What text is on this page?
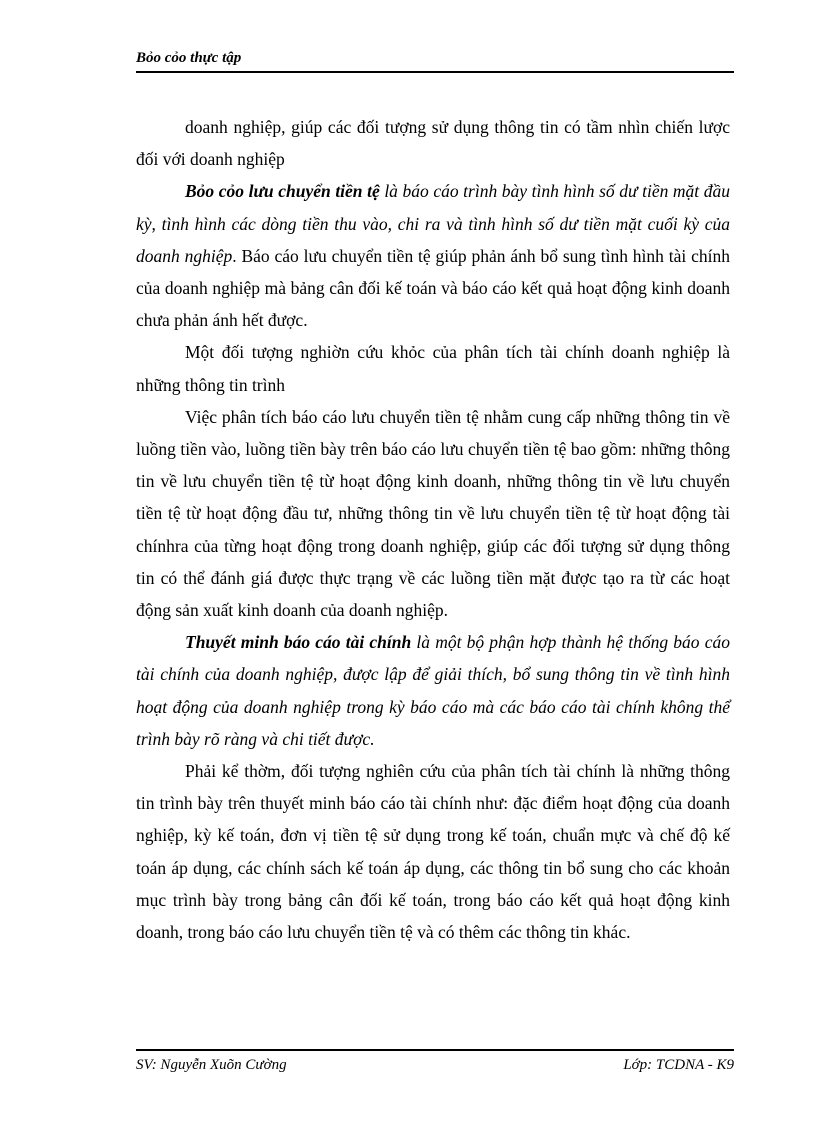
Bỏo cỏo thực tập

doanh nghiệp, giúp các đối tượng sử dụng thông tin có tầm nhìn chiến lược đối với doanh nghiệp

Bỏo cỏo lưu chuyển tiền tệ là báo cáo trình bày tình hình số dư tiền mặt đầu kỳ, tình hình các dòng tiền thu vào, chi ra và tình hình số dư tiền mặt cuối kỳ của doanh nghiệp. Báo cáo lưu chuyển tiền tệ giúp phản ánh bổ sung tình hình tài chính của doanh nghiệp mà bảng cân đối kế toán và báo cáo kết quả hoạt động kinh doanh chưa phản ánh hết được.

Một đối tượng nghiờn cứu khỏc của phân tích tài chính doanh nghiệp là những thông tin trình

Việc phân tích báo cáo lưu chuyển tiền tệ nhằm cung cấp những thông tin về luồng tiền vào, luồng tiền bày trên báo cáo lưu chuyển tiền tệ bao gồm: những thông tin về lưu chuyển tiền tệ từ hoạt động kinh doanh, những thông tin về lưu chuyển tiền tệ từ hoạt động đầu tư, những thông tin về lưu chuyển tiền tệ từ hoạt động tài chínhra của từng hoạt động trong doanh nghiệp, giúp các đối tượng sử dụng thông tin có thể đánh giá được thực trạng về các luồng tiền mặt được tạo ra từ các hoạt động sản xuất kinh doanh của doanh nghiệp.

Thuyết minh báo cáo tài chính là một bộ phận hợp thành hệ thống báo cáo tài chính của doanh nghiệp, được lập để giải thích, bổ sung thông tin về tình hình hoạt động của doanh nghiệp trong kỳ báo cáo mà các báo cáo tài chính không thể trình bày rõ ràng và chi tiết được.

Phải kể thờm, đối tượng nghiên cứu của phân tích tài chính là những thông tin trình bày trên thuyết minh báo cáo tài chính như: đặc điểm hoạt động của doanh nghiệp, kỳ kế toán, đơn vị tiền tệ sử dụng trong kế toán, chuẩn mực và chế độ kế toán áp dụng, các chính sách kế toán áp dụng, các thông tin bổ sung cho các khoản mục trình bày trong bảng cân đối kế toán, trong báo cáo kết quả hoạt động kinh doanh, trong báo cáo lưu chuyển tiền tệ và có thêm các thông tin khác.

SV: Nguyễn Xuõn Cường	Lớp: TCDNA - K9
